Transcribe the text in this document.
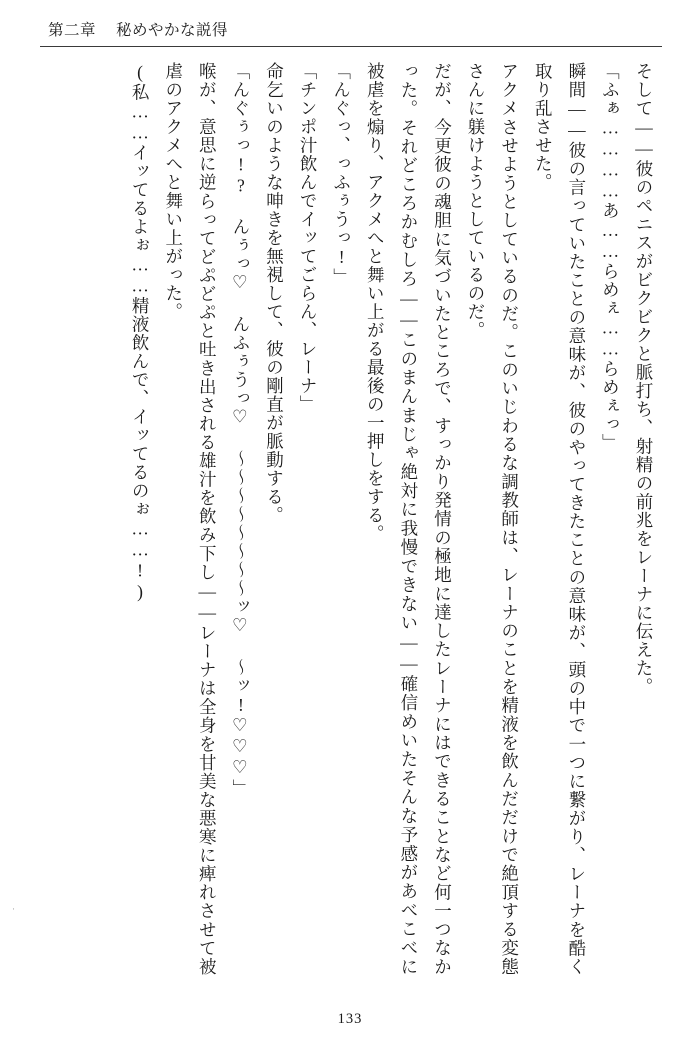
第二章 秘めやかな説得

そして——彼のペニスがビクビクと脈打ち、射精の前兆をレーナに伝えた。

「ふぁ…………あ……らめぇ……らめぇっ」

瞬間——彼の言っていたことの意味が、彼のやってきたことの意味が、頭の中で一つに繋がり、レーナを酷く取り乱させた。

アクメさせようとしているのだ。このいじわるな調教師は、レーナのことを精液を飲んだだけで絶頂する変態さんに躾けようとしているのだ。

だが、今更彼の魂胆に気づいたところで、すっかり発情の極地に達したレーナにはできることなど何一つなかった。それどころかむしろ——このまんまじゃ絶対に我慢できない——確信めいたそんな予感があべこべに被虐を煽り、アクメへと舞い上がる最後の一押しをする。

「んぐっ、っふぅうっ!」

「チンポ汁飲んでイッてごらん、レーナ」

命乞いのような呻きを無視して、彼の剛直が脈動する。

「んぐぅっ!? んぅっ♡ んふぅうっ♡ 〜〜〜〜〜〜〜〜ッ♡ 〜ッ!♡♡♡」

喉が、意思に逆らってどぷどぷと吐き出される雄汁を飲み下し——レーナは全身を甘美な悪寒に痺れさせて被虐のアクメへと舞い上がった。

(私……イッてるよぉ……精液飲んで、イッてるのぉ……!)

·
133
